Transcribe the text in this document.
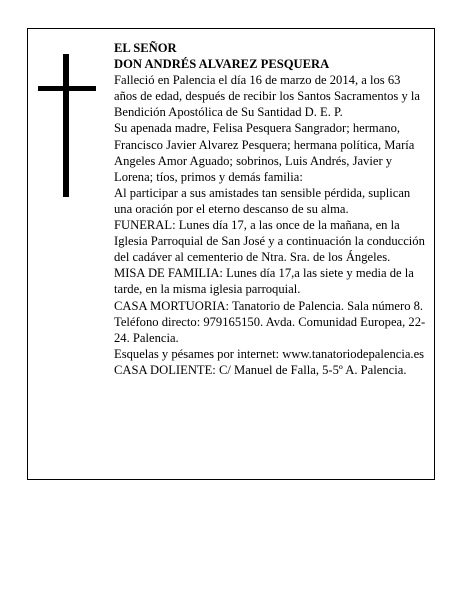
EL SEÑOR

DON ANDRÉS ALVAREZ PESQUERA

Falleció en Palencia el día 16 de marzo de 2014, a los 63 años de edad, después de recibir los Santos Sacramentos y la Bendición Apostólica de Su Santidad D. E. P.

Su apenada madre, Felisa Pesquera Sangrador; hermano, Francisco Javier Alvarez Pesquera; hermana política, María Angeles Amor Aguado; sobrinos, Luis Andrés, Javier y Lorena; tíos, primos y demás familia:

Al participar a sus amistades tan sensible pérdida, suplican una oración por el eterno descanso de su alma.

FUNERAL: Lunes día 17, a las once de la mañana, en la Iglesia Parroquial de San José y a continuación la conducción del cadáver al cementerio de Ntra. Sra. de los Ángeles.

MISA DE FAMILIA: Lunes día 17,a las siete y media de la tarde, en la misma iglesia parroquial.

CASA MORTUORIA: Tanatorio de Palencia. Sala número 8. Teléfono directo: 979165150. Avda. Comunidad Europea, 22-24. Palencia.

Esquelas y pésames por internet: www.tanatoriodepalencia.es

CASA DOLIENTE: C/ Manuel de Falla, 5-5º A. Palencia.
